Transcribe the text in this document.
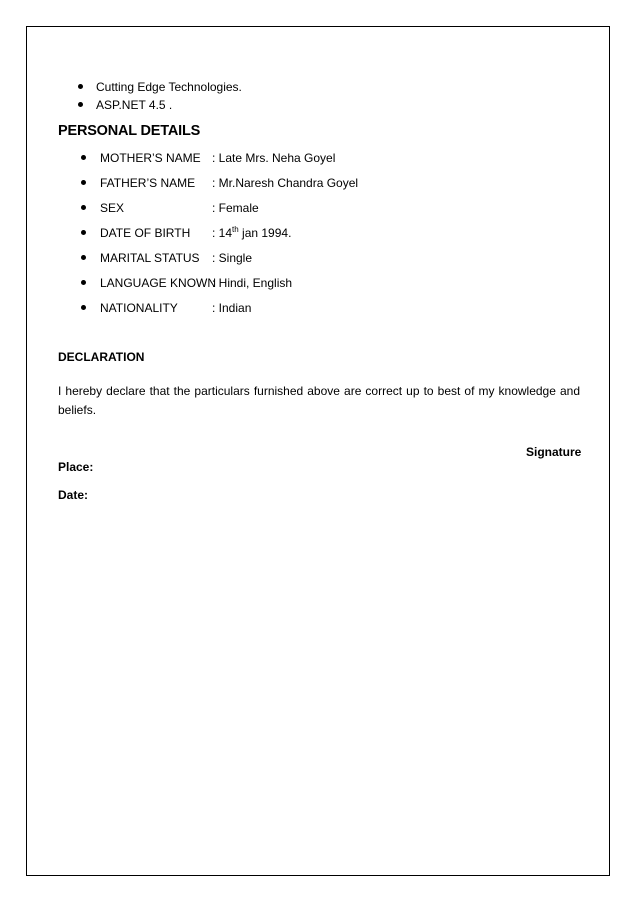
Cutting Edge Technologies.
ASP.NET 4.5 .
PERSONAL DETAILS
MOTHER’S NAME : Late Mrs. Neha Goyel
FATHER’S NAME : Mr.Naresh Chandra Goyel
SEX	: Female
DATE OF BIRTH : 14th jan 1994.
MARITAL STATUS : Single
LANGUAGE KNOWN
: Hindi, English
NATIONALITY	: Indian
DECLARATION
I hereby declare that the particulars furnished above are correct up to best of my knowledge and beliefs.
Signature
Place:
Date:
